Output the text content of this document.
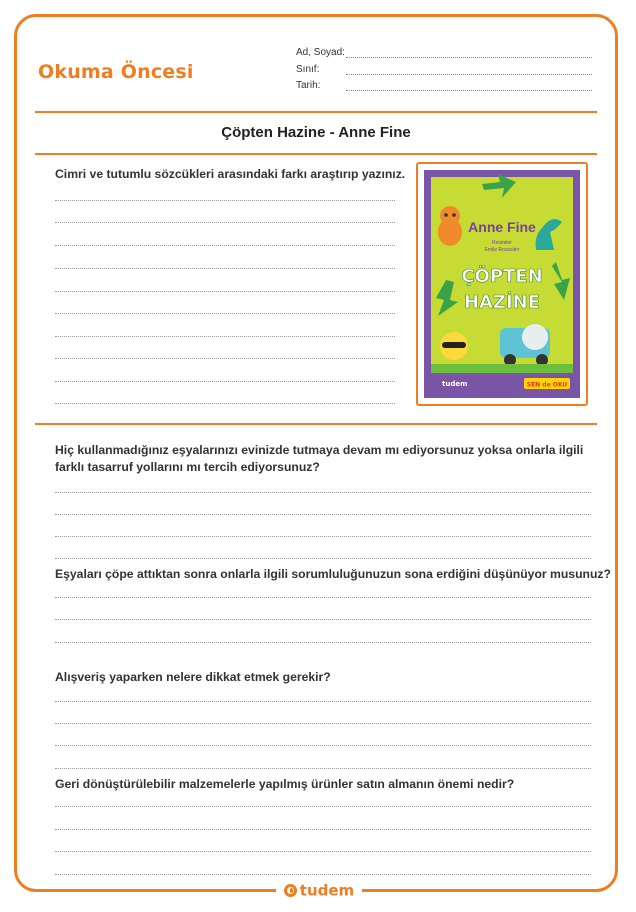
Okuma Öncesi
Ad, Soyad:
Sınıf:
Tarih:
Çöpten Hazine - Anne Fine
Cimri ve tutumlu sözcükleri arasındaki farkı araştırıp yazınız.
Anne Fine
Resimler
Emile Roussiter
ÇÖPTEN
HAZİNE
tudem	SEN de OKU
Hiç kullanmadığınız eşyalarınızı evinizde tutmaya devam mı ediyorsunuz yoksa onlarla ilgili
farklı tasarruf yollarını mı tercih ediyorsunuz?
Eşyaları çöpe attıktan sonra onlarla ilgili sorumluluğunuzun sona erdiğini düşünüyor musunuz?
Alışveriş yaparken nelere dikkat etmek gerekir?
Geri dönüştürülebilir malzemelerle yapılmış ürünler satın almanın önemi nedir?
tudem
